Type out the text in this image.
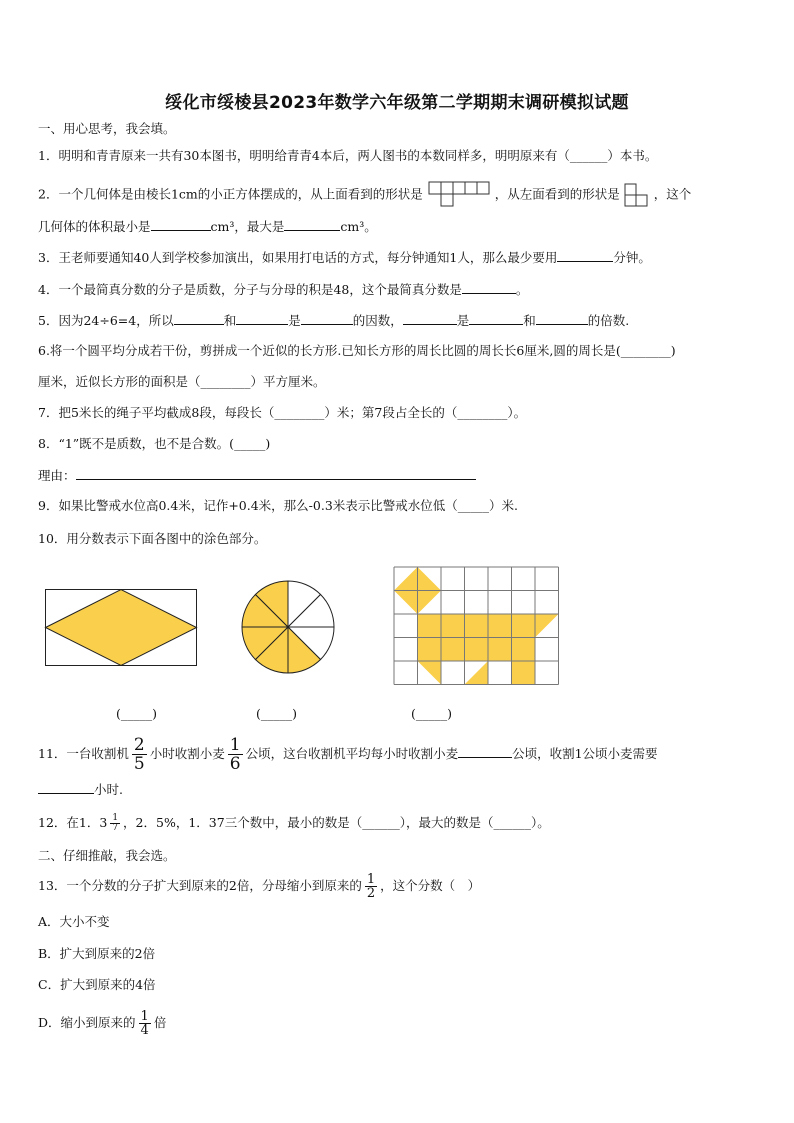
绥化市绥棱县2023年数学六年级第二学期期末调研模拟试题
一、用心思考，我会填。
1．明明和青青原来一共有30本图书，明明给青青4本后，两人图书的本数同样多，明明原来有（______）本书。
2．一个几何体是由棱长1cm的小正方体摆成的，从上面看到的形状是	，从左面看到的形状是	，这个
几何体的体积最小是	cm³，最大是	cm³。
3．王老师要通知40人到学校参加演出，如果用打电话的方式，每分钟通知1人，那么最少要用	分钟。
4．一个最简真分数的分子是质数，分子与分母的积是48，这个最简真分数是	。
5．因为24÷6=4，所以	和	是	的因数，	是	和	的倍数.
6.将一个圆平均分成若干份，剪拼成一个近似的长方形.已知长方形的周长比圆的周长长6厘米,圆的周长是(________)
厘米，近似长方形的面积是（________）平方厘米。
7．把5米长的绳子平均截成8段，每段长（________）米；第7段占全长的（________）。
8．“1”既不是质数，也不是合数。(_____)
理由：
9．如果比警戒水位高0.4米，记作+0.4米，那么-0.3米表示比警戒水位低（_____）米.
10．用分数表示下面各图中的涂色部分。
(_____)	(_____)	(_____)
11．一台收割机 $\frac{2}{5}$ 小时收割小麦 $\frac{1}{6}$ 公顷，这台收割机平均每小时收割小麦	公顷，收割1公顷小麦需要
小时.
12．在1．$3 \frac{1}{7}$ ，2．5%，1．37三个数中，最小的数是（______），最大的数是（______）。
二、仔细推敲，我会选。
13．一个分数的分子扩大到原来的2倍，分母缩小到原来的 $\frac{1}{2}$ ，这个分数（　）
A．大小不变
B．扩大到原来的2倍
C．扩大到原来的4倍
D．缩小到原来的 $\frac{1}{4}$ 倍
